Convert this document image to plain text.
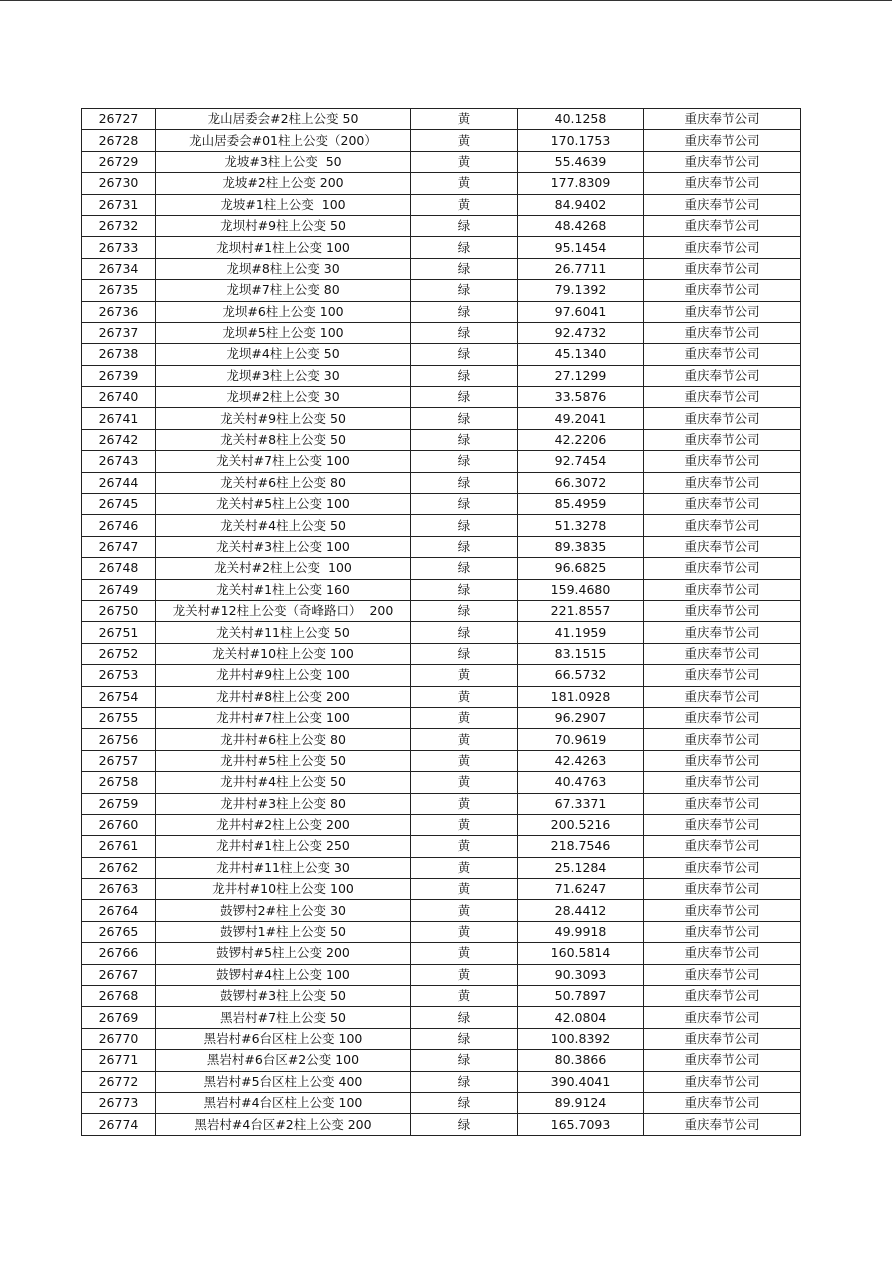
26727	龙山居委会#2柱上公变 50	黄	40.1258	重庆奉节公司
26728	龙山居委会#01柱上公变（200）	黄	170.1753	重庆奉节公司
26729	龙坡#3柱上公变  50	黄	55.4639	重庆奉节公司
26730	龙坡#2柱上公变 200	黄	177.8309	重庆奉节公司
26731	龙坡#1柱上公变  100	黄	84.9402	重庆奉节公司
26732	龙坝村#9柱上公变 50	绿	48.4268	重庆奉节公司
26733	龙坝村#1柱上公变 100	绿	95.1454	重庆奉节公司
26734	龙坝#8柱上公变 30	绿	26.7711	重庆奉节公司
26735	龙坝#7柱上公变 80	绿	79.1392	重庆奉节公司
26736	龙坝#6柱上公变 100	绿	97.6041	重庆奉节公司
26737	龙坝#5柱上公变 100	绿	92.4732	重庆奉节公司
26738	龙坝#4柱上公变 50	绿	45.1340	重庆奉节公司
26739	龙坝#3柱上公变 30	绿	27.1299	重庆奉节公司
26740	龙坝#2柱上公变 30	绿	33.5876	重庆奉节公司
26741	龙关村#9柱上公变 50	绿	49.2041	重庆奉节公司
26742	龙关村#8柱上公变 50	绿	42.2206	重庆奉节公司
26743	龙关村#7柱上公变 100	绿	92.7454	重庆奉节公司
26744	龙关村#6柱上公变 80	绿	66.3072	重庆奉节公司
26745	龙关村#5柱上公变 100	绿	85.4959	重庆奉节公司
26746	龙关村#4柱上公变 50	绿	51.3278	重庆奉节公司
26747	龙关村#3柱上公变 100	绿	89.3835	重庆奉节公司
26748	龙关村#2柱上公变  100	绿	96.6825	重庆奉节公司
26749	龙关村#1柱上公变 160	绿	159.4680	重庆奉节公司
26750	龙关村#12柱上公变（奇峰路口）  200	绿	221.8557	重庆奉节公司
26751	龙关村#11柱上公变 50	绿	41.1959	重庆奉节公司
26752	龙关村#10柱上公变 100	绿	83.1515	重庆奉节公司
26753	龙井村#9柱上公变 100	黄	66.5732	重庆奉节公司
26754	龙井村#8柱上公变 200	黄	181.0928	重庆奉节公司
26755	龙井村#7柱上公变 100	黄	96.2907	重庆奉节公司
26756	龙井村#6柱上公变 80	黄	70.9619	重庆奉节公司
26757	龙井村#5柱上公变 50	黄	42.4263	重庆奉节公司
26758	龙井村#4柱上公变 50	黄	40.4763	重庆奉节公司
26759	龙井村#3柱上公变 80	黄	67.3371	重庆奉节公司
26760	龙井村#2柱上公变 200	黄	200.5216	重庆奉节公司
26761	龙井村#1柱上公变 250	黄	218.7546	重庆奉节公司
26762	龙井村#11柱上公变 30	黄	25.1284	重庆奉节公司
26763	龙井村#10柱上公变 100	黄	71.6247	重庆奉节公司
26764	鼓锣村2#柱上公变 30	黄	28.4412	重庆奉节公司
26765	鼓锣村1#柱上公变 50	黄	49.9918	重庆奉节公司
26766	鼓锣村#5柱上公变 200	黄	160.5814	重庆奉节公司
26767	鼓锣村#4柱上公变 100	黄	90.3093	重庆奉节公司
26768	鼓锣村#3柱上公变 50	黄	50.7897	重庆奉节公司
26769	黑岩村#7柱上公变 50	绿	42.0804	重庆奉节公司
26770	黑岩村#6台区柱上公变 100	绿	100.8392	重庆奉节公司
26771	黑岩村#6台区#2公变 100	绿	80.3866	重庆奉节公司
26772	黑岩村#5台区柱上公变 400	绿	390.4041	重庆奉节公司
26773	黑岩村#4台区柱上公变 100	绿	89.9124	重庆奉节公司
26774	黑岩村#4台区#2柱上公变 200	绿	165.7093	重庆奉节公司
